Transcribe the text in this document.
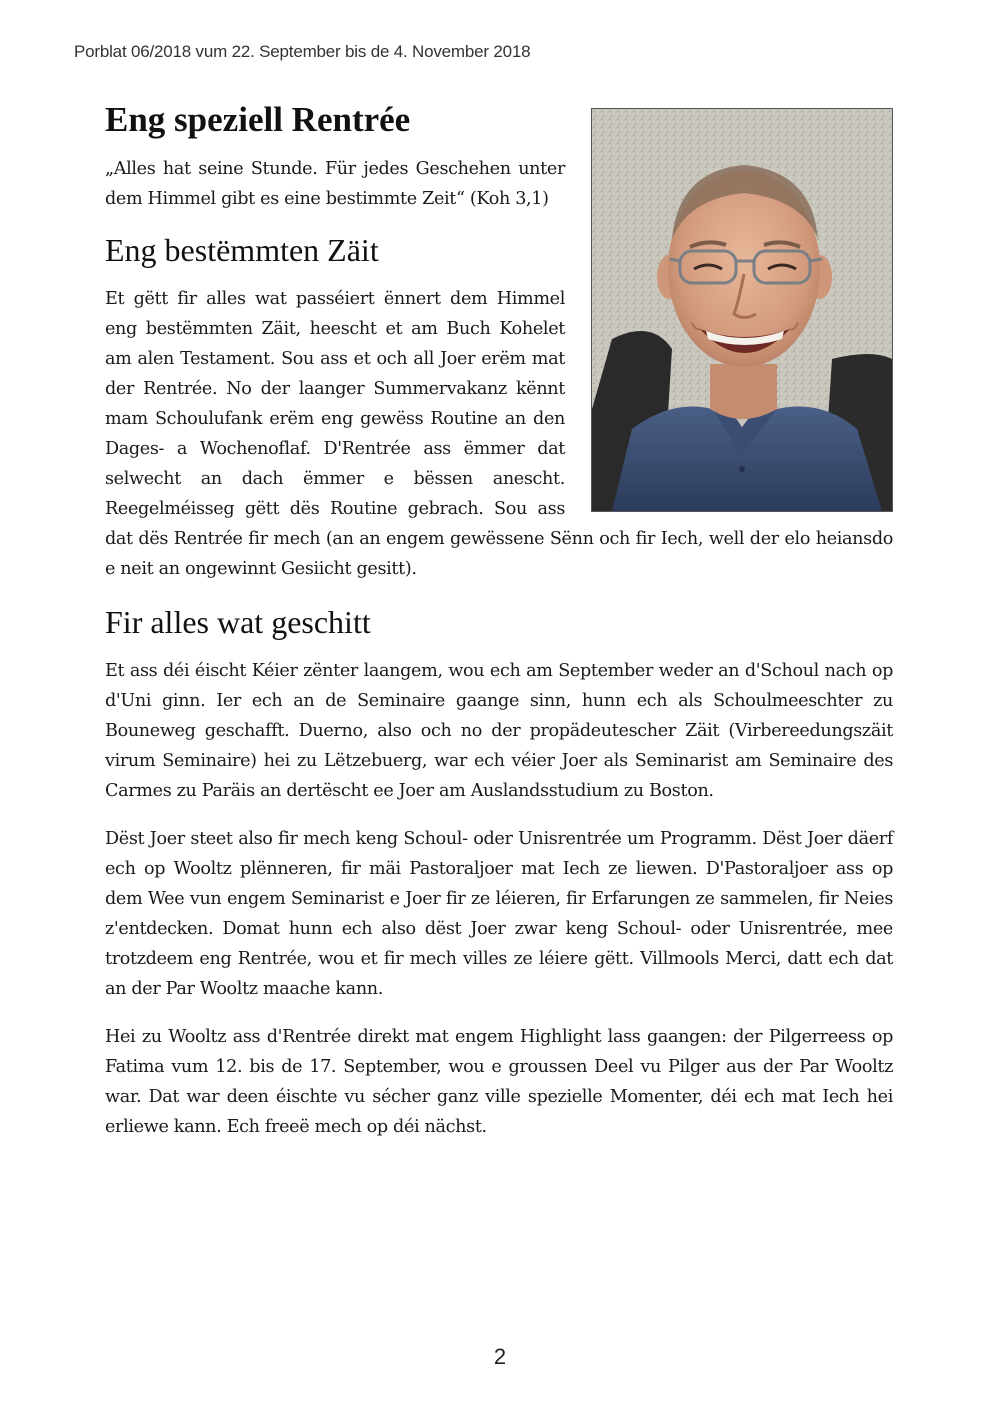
Porblat 06/2018 vum 22. September bis de 4. November 2018
Eng speziell Rentrée

„Alles hat seine Stunde. Für jedes Geschehen unter dem Himmel gibt es eine bestimmte Zeit“ (Koh 3,1)

Eng bestëmmten Zäit

Et gëtt fir alles wat passéiert ënnert dem Himmel eng bestëmmten Zäit, heescht et am Buch Kohelet am alen Testament. Sou ass et och all Joer erëm mat der Rentrée. No der laanger Summervakanz kënnt mam Schoulufank erëm eng gewëss Routine an den Dages- a Wochenoflaf. D'Rentrée ass ëmmer dat selwecht an dach ëmmer e bëssen anescht. Reegelméisseg gëtt dës Routine gebrach. Sou ass dat dës Rentrée fir mech (an an engem gewëssene Sënn och fir Iech, well der elo heiansdo e neit an ongewinnt Gesiicht gesitt).

Fir alles wat geschitt

Et ass déi éischt Kéier zënter laangem, wou ech am September weder an d'Schoul nach op d'Uni ginn. Ier ech an de Seminaire gaange sinn, hunn ech als Schoulmeeschter zu Bouneweg geschafft. Duerno, also och no der propädeutescher Zäit (Virbereedungszäit virum Seminaire) hei zu Lëtzebuerg, war ech véier Joer als Seminarist am Seminaire des Carmes zu Paräis an dertëscht ee Joer am Auslandsstudium zu Boston.

Dëst Joer steet also fir mech keng Schoul- oder Unisrentrée um Programm. Dëst Joer däerf ech op Wooltz plënneren, fir mäi Pastoraljoer mat Iech ze liewen. D'Pastoraljoer ass op dem Wee vun engem Seminarist e Joer fir ze léieren, fir Erfarungen ze sammelen, fir Neies z'entdecken. Domat hunn ech also dëst Joer zwar keng Schoul- oder Unisrentrée, mee trotzdeem eng Rentrée, wou et fir mech villes ze léiere gëtt. Villmools Merci, datt ech dat an der Par Wooltz maache kann.

Hei zu Wooltz ass d'Rentrée direkt mat engem Highlight lass gaangen: der Pilgerreess op Fatima vum 12. bis de 17. September, wou e groussen Deel vu Pilger aus der Par Wooltz war. Dat war deen éischte vu sécher ganz ville spezielle Momenter, déi ech mat Iech hei erliewe kann. Ech freeë mech op déi nächst.

2
